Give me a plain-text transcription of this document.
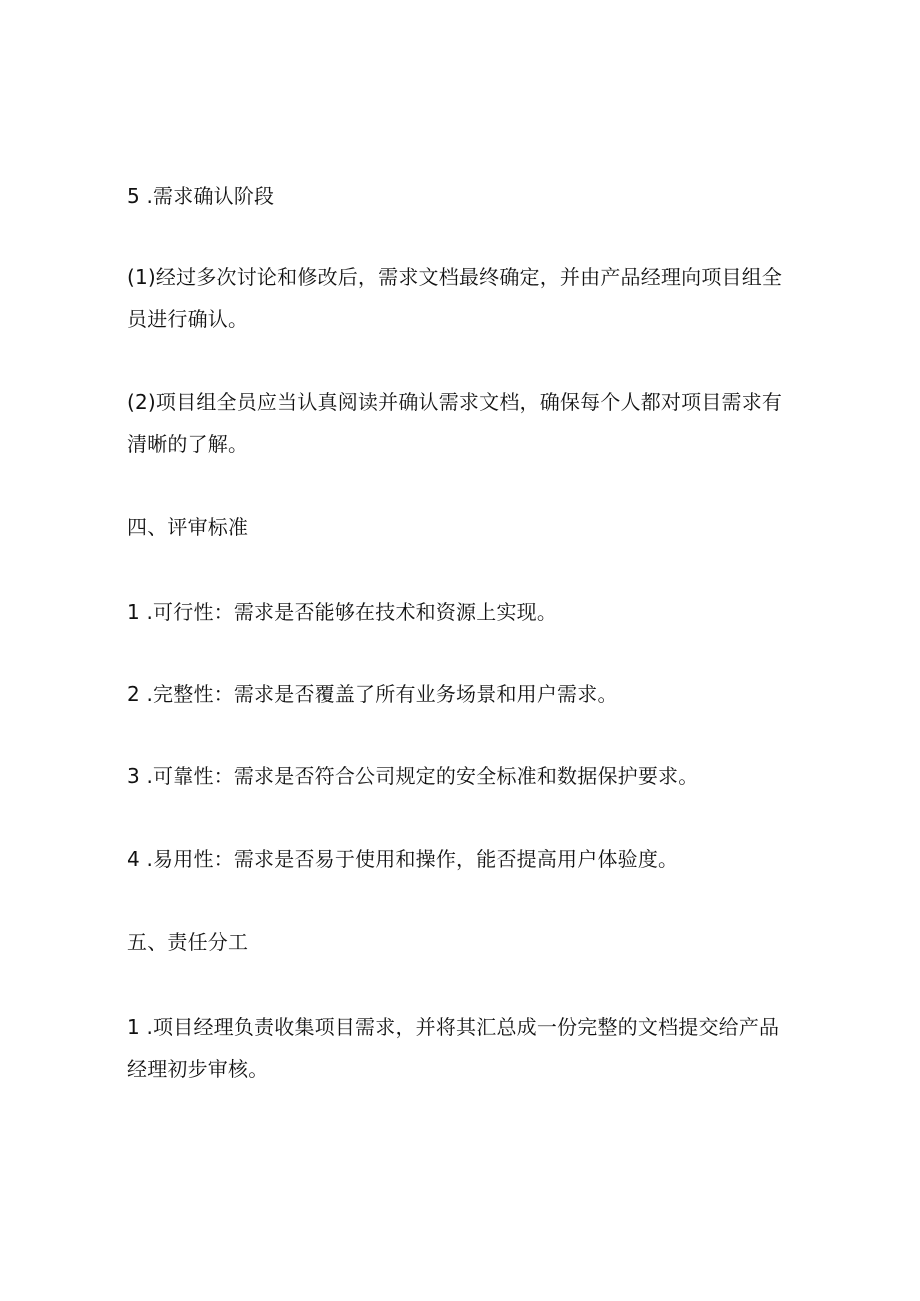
5 .需求确认阶段
(1)经过多次讨论和修改后，需求文档最终确定，并由产品经理向项目组全
员进行确认。
(2)项目组全员应当认真阅读并确认需求文档，确保每个人都对项目需求有
清晰的了解。
四、评审标准
1 .可行性：需求是否能够在技术和资源上实现。
2 .完整性：需求是否覆盖了所有业务场景和用户需求。
3 .可靠性：需求是否符合公司规定的安全标准和数据保护要求。
4 .易用性：需求是否易于使用和操作，能否提高用户体验度。
五、责任分工
1 .项目经理负责收集项目需求，并将其汇总成一份完整的文档提交给产品
经理初步审核。
